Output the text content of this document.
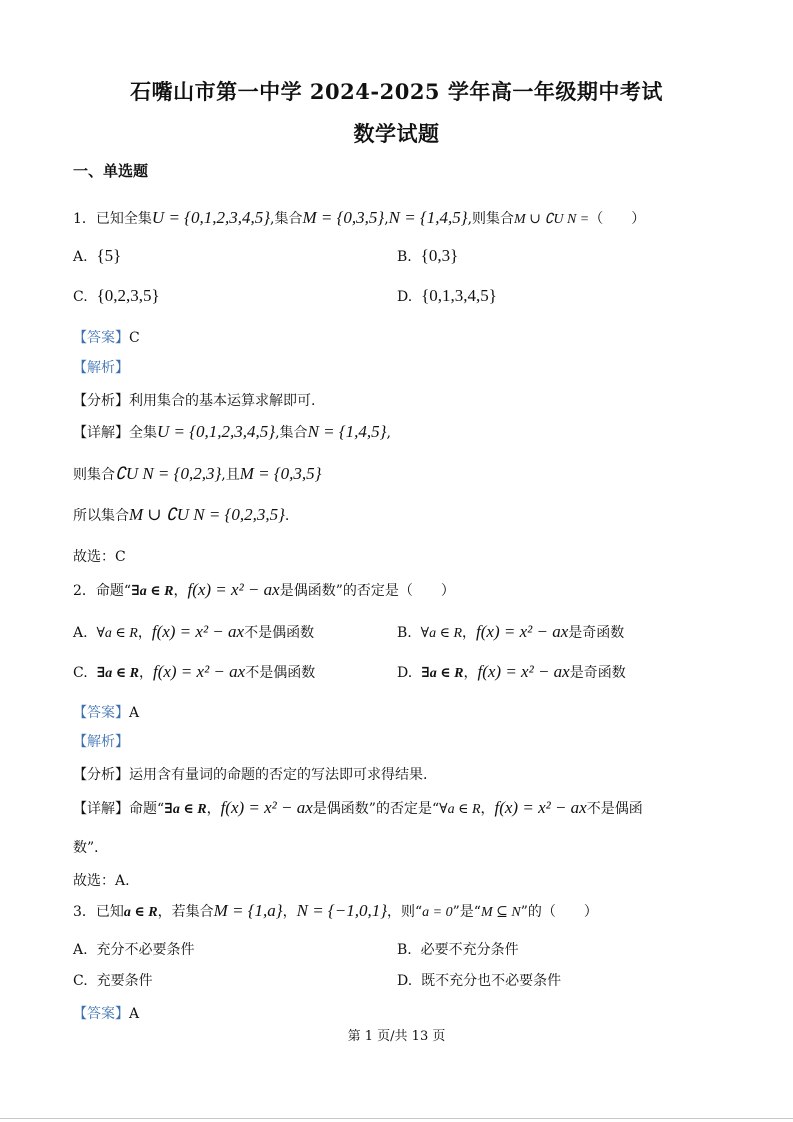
石嘴山市第一中学 2024-2025 学年高一年级期中考试
数学试题
一、单选题
1．已知全集U = {0,1,2,3,4,5},集合M = {0,3,5},N = {1,4,5},则集合M ∪ ∁U N =（　　）
A. {5}	B. {0,3}
C. {0,2,3,5}	D. {0,1,3,4,5}
【答案】C
【解析】
【分析】利用集合的基本运算求解即可.
【详解】全集U = {0,1,2,3,4,5},集合N = {1,4,5},
则集合∁U N = {0,2,3},且M = {0,3,5}
所以集合M ∪ ∁U N = {0,2,3,5}.
故选：C
2．命题“∃a ∈ R，f(x) = x² − ax是偶函数”的否定是（　　）
A. ∀a ∈ R，f(x) = x² − ax不是偶函数	B. ∀a ∈ R，f(x) = x² − ax是奇函数
C. ∃a ∈ R，f(x) = x² − ax不是偶函数	D. ∃a ∈ R，f(x) = x² − ax是奇函数
【答案】A
【解析】
【分析】运用含有量词的命题的否定的写法即可求得结果.
【详解】命题“∃a ∈ R，f(x) = x² − ax是偶函数”的否定是“∀a ∈ R，f(x) = x² − ax不是偶函
数”．
故选：A.
3．已知a ∈ R，若集合M = {1,a}，N = {−1,0,1}，则“a = 0”是“M ⊆ N”的（　　）
A. 充分不必要条件	B. 必要不充分条件
C. 充要条件	D. 既不充分也不必要条件
【答案】A
第 1 页/共 13 页
